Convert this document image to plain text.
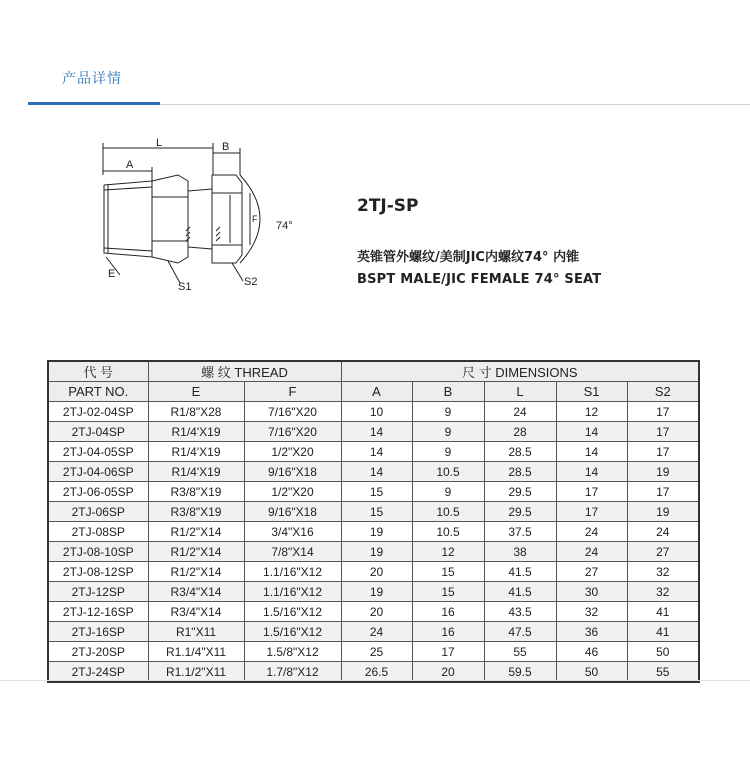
产品详情
A
L	B
F
74°
E
S1	S2
2TJ-SP
英锥管外螺纹/美制JIC内螺纹74° 内锥
BSPT MALE/JIC FEMALE 74° SEAT
代 号	螺 纹 THREAD		尺 寸 DIMENSIONS				
PART NO.	E	F	A	B	L	S1	S2
2TJ-02-04SP	R1/8"X28	7/16"X20	10	9	24	12	17
2TJ-04SP	R1/4'X19	7/16"X20	14	9	28	14	17
2TJ-04-05SP	R1/4'X19	1/2"X20	14	9	28.5	14	17
2TJ-04-06SP	R1/4'X19	9/16"X18	14	10.5	28.5	14	19
2TJ-06-05SP	R3/8"X19	1/2"X20	15	9	29.5	17	17
2TJ-06SP	R3/8"X19	9/16"X18	15	10.5	29.5	17	19
2TJ-08SP	R1/2"X14	3/4"X16	19	10.5	37.5	24	24
2TJ-08-10SP	R1/2"X14	7/8"X14	19	12	38	24	27
2TJ-08-12SP	R1/2"X14	1.1/16"X12	20	15	41.5	27	32
2TJ-12SP	R3/4"X14	1.1/16"X12	19	15	41.5	30	32
2TJ-12-16SP	R3/4"X14	1.5/16"X12	20	16	43.5	32	41
2TJ-16SP	R1"X11	1.5/16"X12	24	16	47.5	36	41
2TJ-20SP	R1.1/4"X11	1.5/8"X12	25	17	55	46	50
2TJ-24SP	R1.1/2"X11	1.7/8"X12	26.5	20	59.5	50	55
